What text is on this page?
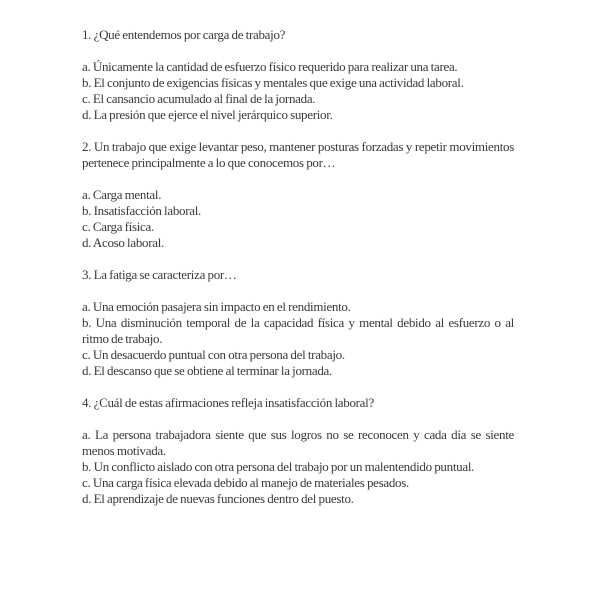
1. ¿Qué entendemos por carga de trabajo?

a. Únicamente la cantidad de esfuerzo físico requerido para realizar una tarea.

b. El conjunto de exigencias físicas y mentales que exige una actividad laboral.

c. El cansancio acumulado al final de la jornada.

d. La presión que ejerce el nivel jerárquico superior.

2. Un trabajo que exige levantar peso, mantener posturas forzadas y repetir movimientos pertenece principalmente a lo que conocemos por…

a. Carga mental.

b. Insatisfacción laboral.

c. Carga física.

d. Acoso laboral.

3. La fatiga se caracteriza por…

a. Una emoción pasajera sin impacto en el rendimiento.

b. Una disminución temporal de la capacidad física y mental debido al esfuerzo o al ritmo de trabajo.

c. Un desacuerdo puntual con otra persona del trabajo.

d. El descanso que se obtiene al terminar la jornada.

4. ¿Cuál de estas afirmaciones refleja insatisfacción laboral?

a. La persona trabajadora siente que sus logros no se reconocen y cada día se siente menos motivada.

b. Un conflicto aislado con otra persona del trabajo por un malentendido puntual.

c. Una carga física elevada debido al manejo de materiales pesados.

d. El aprendizaje de nuevas funciones dentro del puesto.
